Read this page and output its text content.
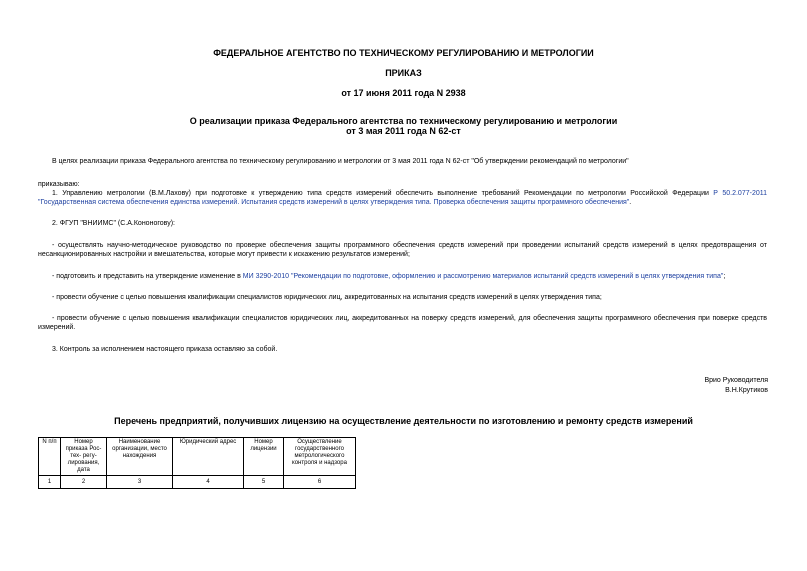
ФЕДЕРАЛЬНОЕ АГЕНТСТВО ПО ТЕХНИЧЕСКОМУ РЕГУЛИРОВАНИЮ И МЕТРОЛОГИИ
ПРИКАЗ
от 17 июня 2011 года N 2938
О реализации приказа Федерального агентства по техническому регулированию и метрологии
от 3 мая 2011 года N 62-ст

В целях реализации приказа Федерального агентства по техническому регулированию и метрологии от 3 мая 2011 года N 62-ст "Об утверждении рекомендаций по метрологии"

приказываю:

1. Управлению метрологии (В.М.Лахову) при подготовке к утверждению типа средств измерений обеспечить выполнение требований Рекомендации по метрологии Российской Федерации Р 50.2.077-2011 "Государственная система обеспечения единства измерений. Испытания средств измерений в целях утверждения типа. Проверка обеспечения защиты программного обеспечения".

2. ФГУП "ВНИИМС" (С.А.Кононогову):

- осуществлять научно-методическое руководство по проверке обеспечения защиты программного обеспечения средств измерений при проведении испытаний средств измерений в целях предотвращения от несанкционированных настройки и вмешательства, которые могут привести к искажению результатов измерений;

- подготовить и представить на утверждение изменение в МИ 3290-2010 "Рекомендации по подготовке, оформлению и рассмотрению материалов испытаний средств измерений в целях утверждения типа";

- провести обучение с целью повышения квалификации специалистов юридических лиц, аккредитованных на испытания средств измерений в целях утверждения типа;

- провести обучение с целью повышения квалификации специалистов юридических лиц, аккредитованных на поверку средств измерений, для обеспечения защиты программного обеспечения при поверке средств измерений.

3. Контроль за исполнением настоящего приказа оставляю за собой.

Врио Руководителя
В.Н.Крутиков
Перечень предприятий, получивших лицензию на осуществление деятельности по изготовлению и ремонту средств измерений
N п/п	Номер приказа Рос- тех- регу- лирования, дата	Наименование организации, место нахождения	Юридический адрес	Номер лицензии	Осуществление государственного метрологического контроля и надзора
1	2	3	4	5	6
